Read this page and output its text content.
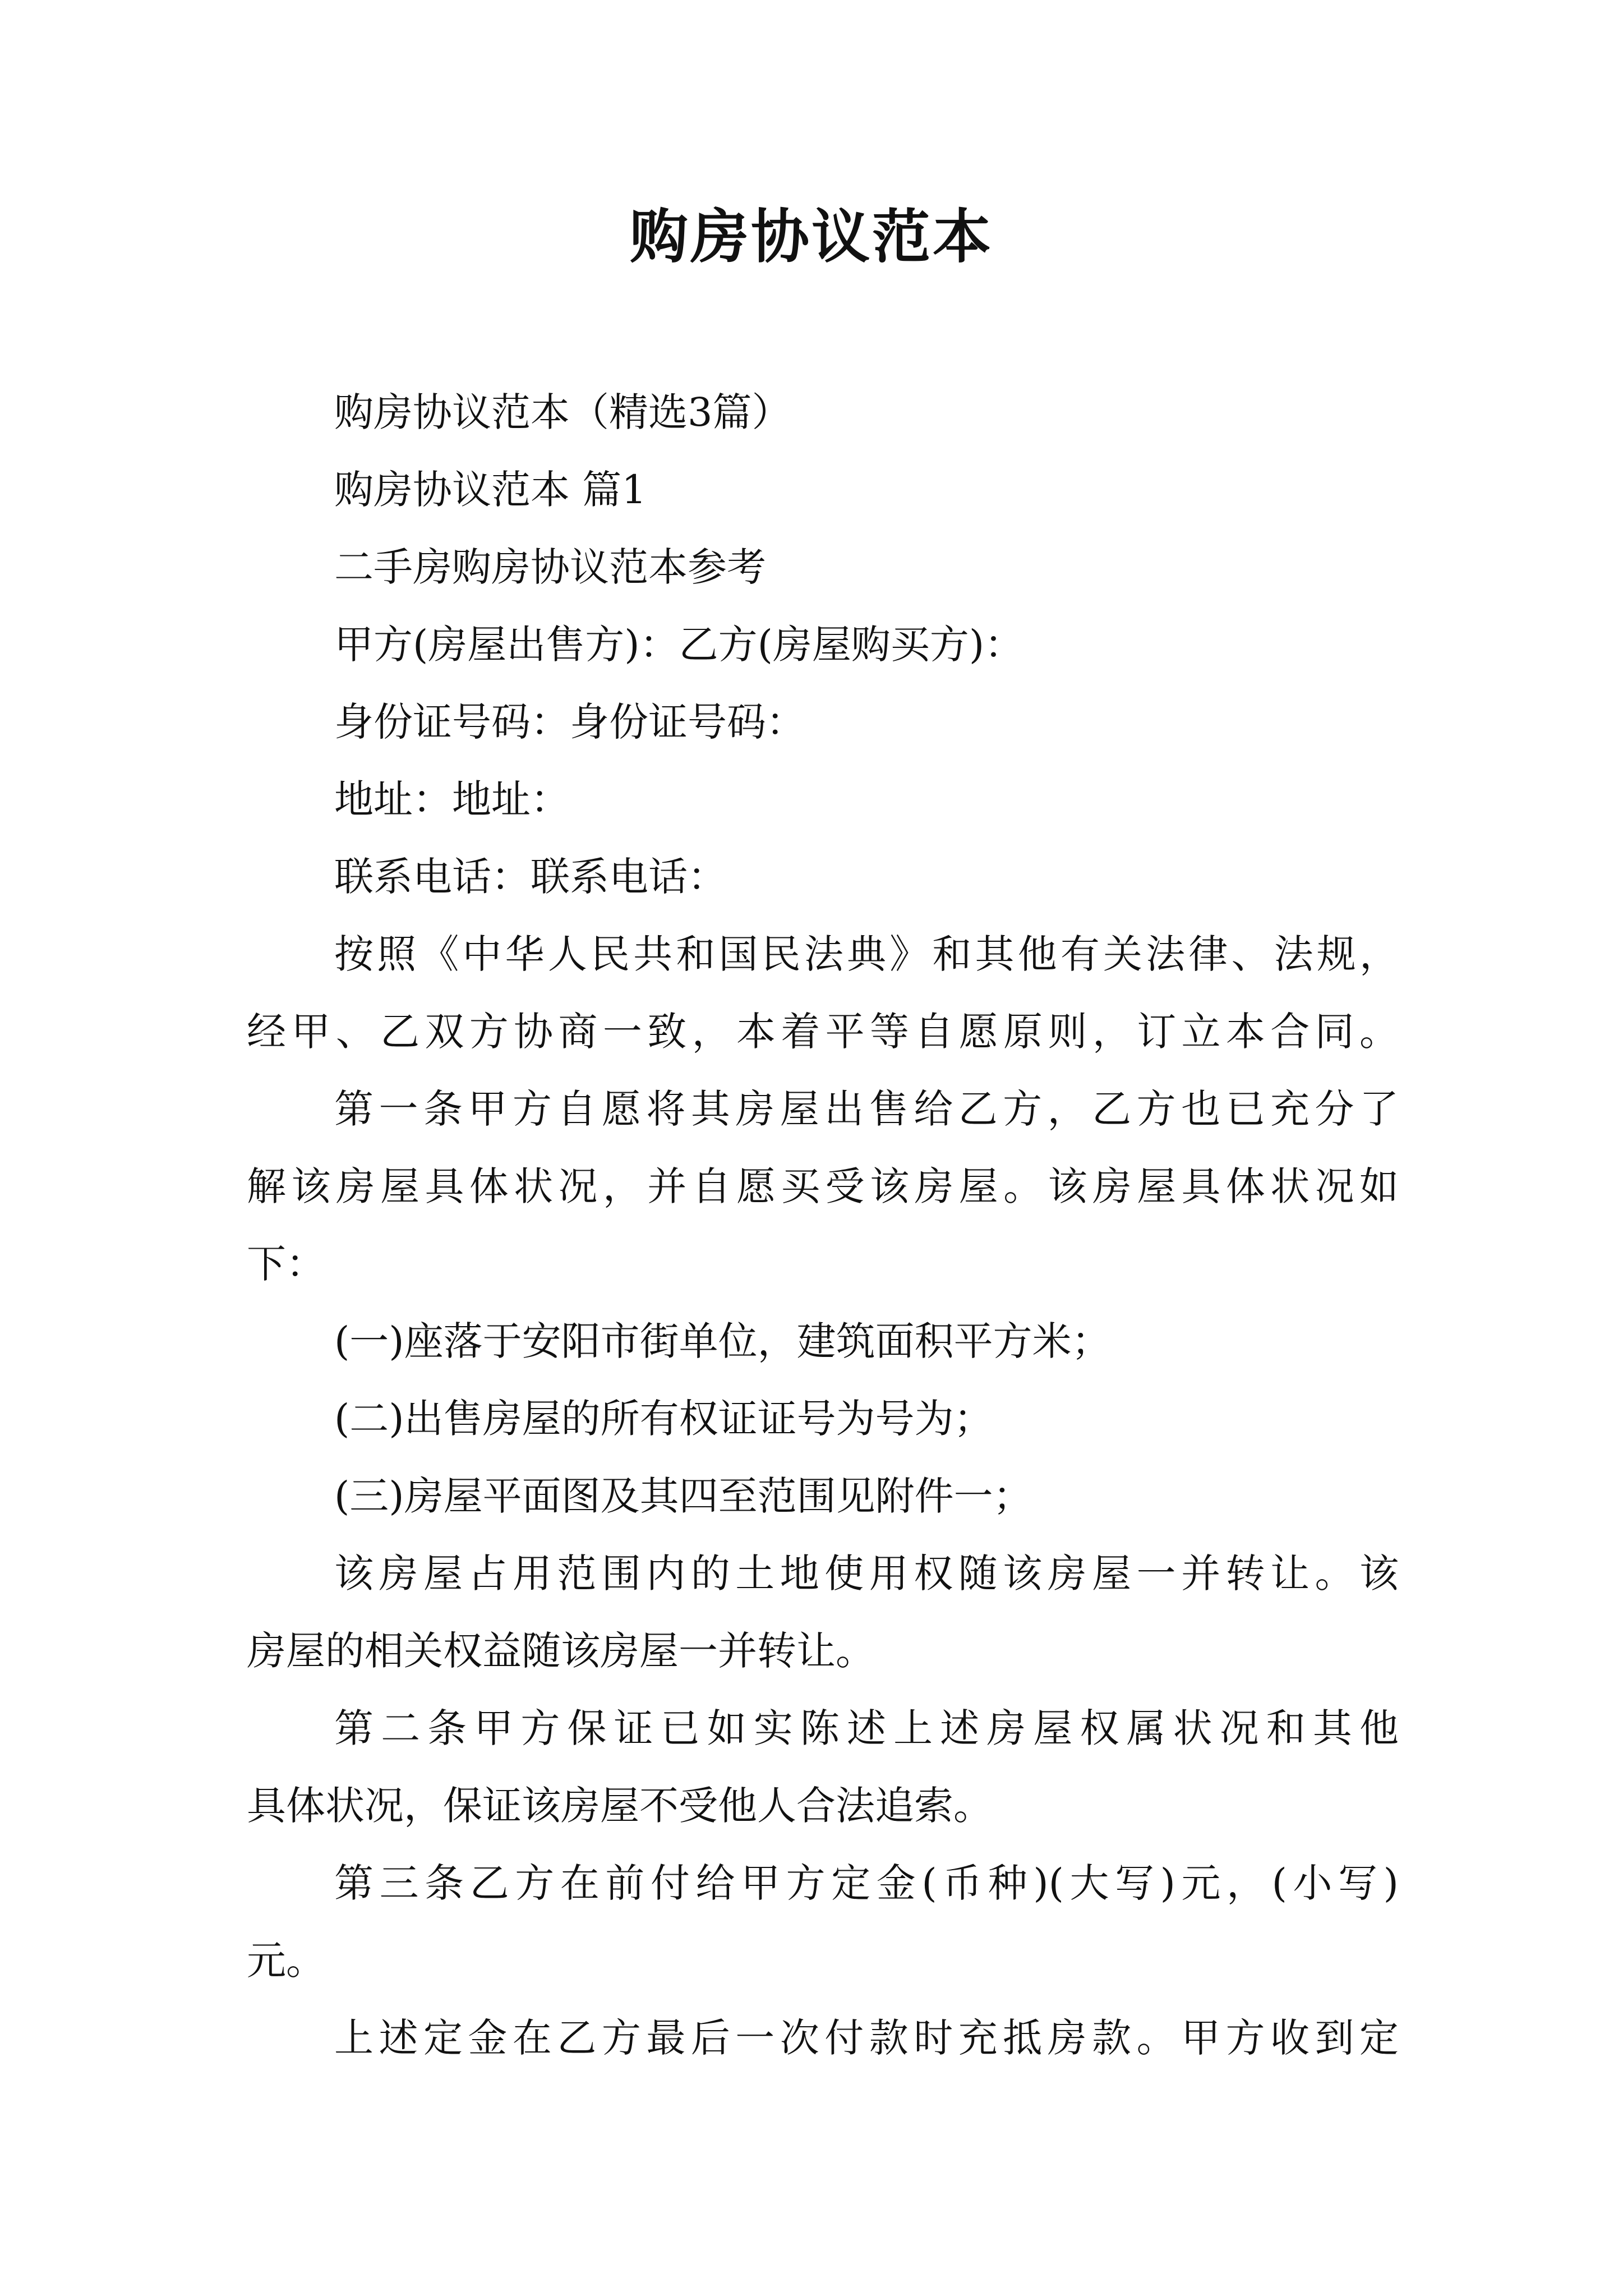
购房协议范本

购房协议范本（精选3篇）

购房协议范本 篇1

二手房购房协议范本参考

甲方(房屋出售方)：乙方(房屋购买方)：

身份证号码：身份证号码：

地址：地址：

联系电话：联系电话：

按照《中华人民共和国民法典》和其他有关法律、法规，

经甲、乙双方协商一致，本着平等自愿原则，订立本合同。

第一条甲方自愿将其房屋出售给乙方，乙方也已充分了

解该房屋具体状况，并自愿买受该房屋。该房屋具体状况如

下：

(一)座落于安阳市街单位，建筑面积平方米；

(二)出售房屋的所有权证证号为号为；

(三)房屋平面图及其四至范围见附件一；

该房屋占用范围内的土地使用权随该房屋一并转让。该

房屋的相关权益随该房屋一并转让。

第二条甲方保证已如实陈述上述房屋权属状况和其他

具体状况，保证该房屋不受他人合法追索。

第三条乙方在前付给甲方定金(币种)(大写)元，(小写)

元。

上述定金在乙方最后一次付款时充抵房款。甲方收到定
